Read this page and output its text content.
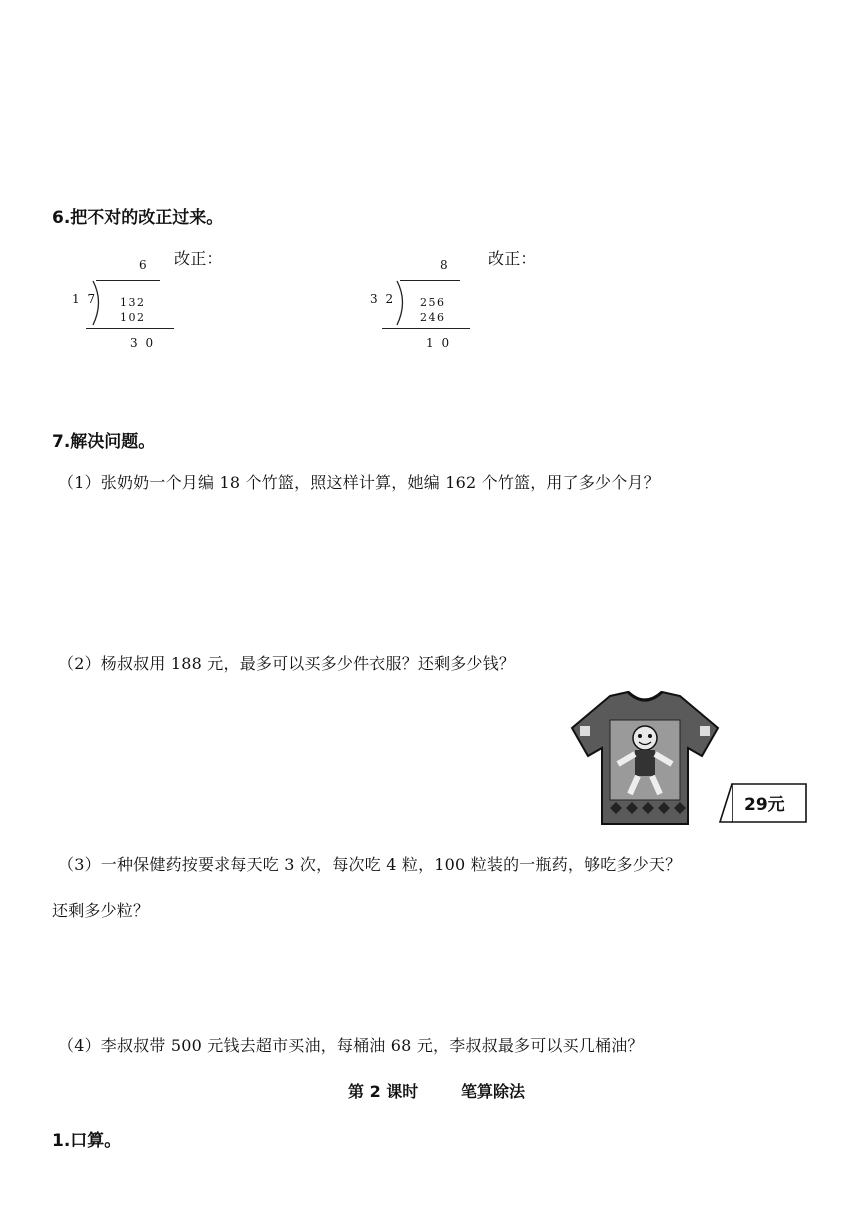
6.把不对的改正过来。
6
1 7 132
102
3 0
改正：	8
3 2 256
246
1 0
改正：
7.解决问题。
（1）张奶奶一个月编 18 个竹篮，照这样计算，她编 162 个竹篮，用了多少个月？
（2）杨叔叔用 188 元，最多可以买多少件衣服？还剩多少钱？
29元
（3）一种保健药按要求每天吃 3 次，每次吃 4 粒，100 粒装的一瓶药，够吃多少天？
还剩多少粒？
（4）李叔叔带 500 元钱去超市买油，每桶油 68 元，李叔叔最多可以买几桶油？
第 2 课时	笔算除法
1.口算。
